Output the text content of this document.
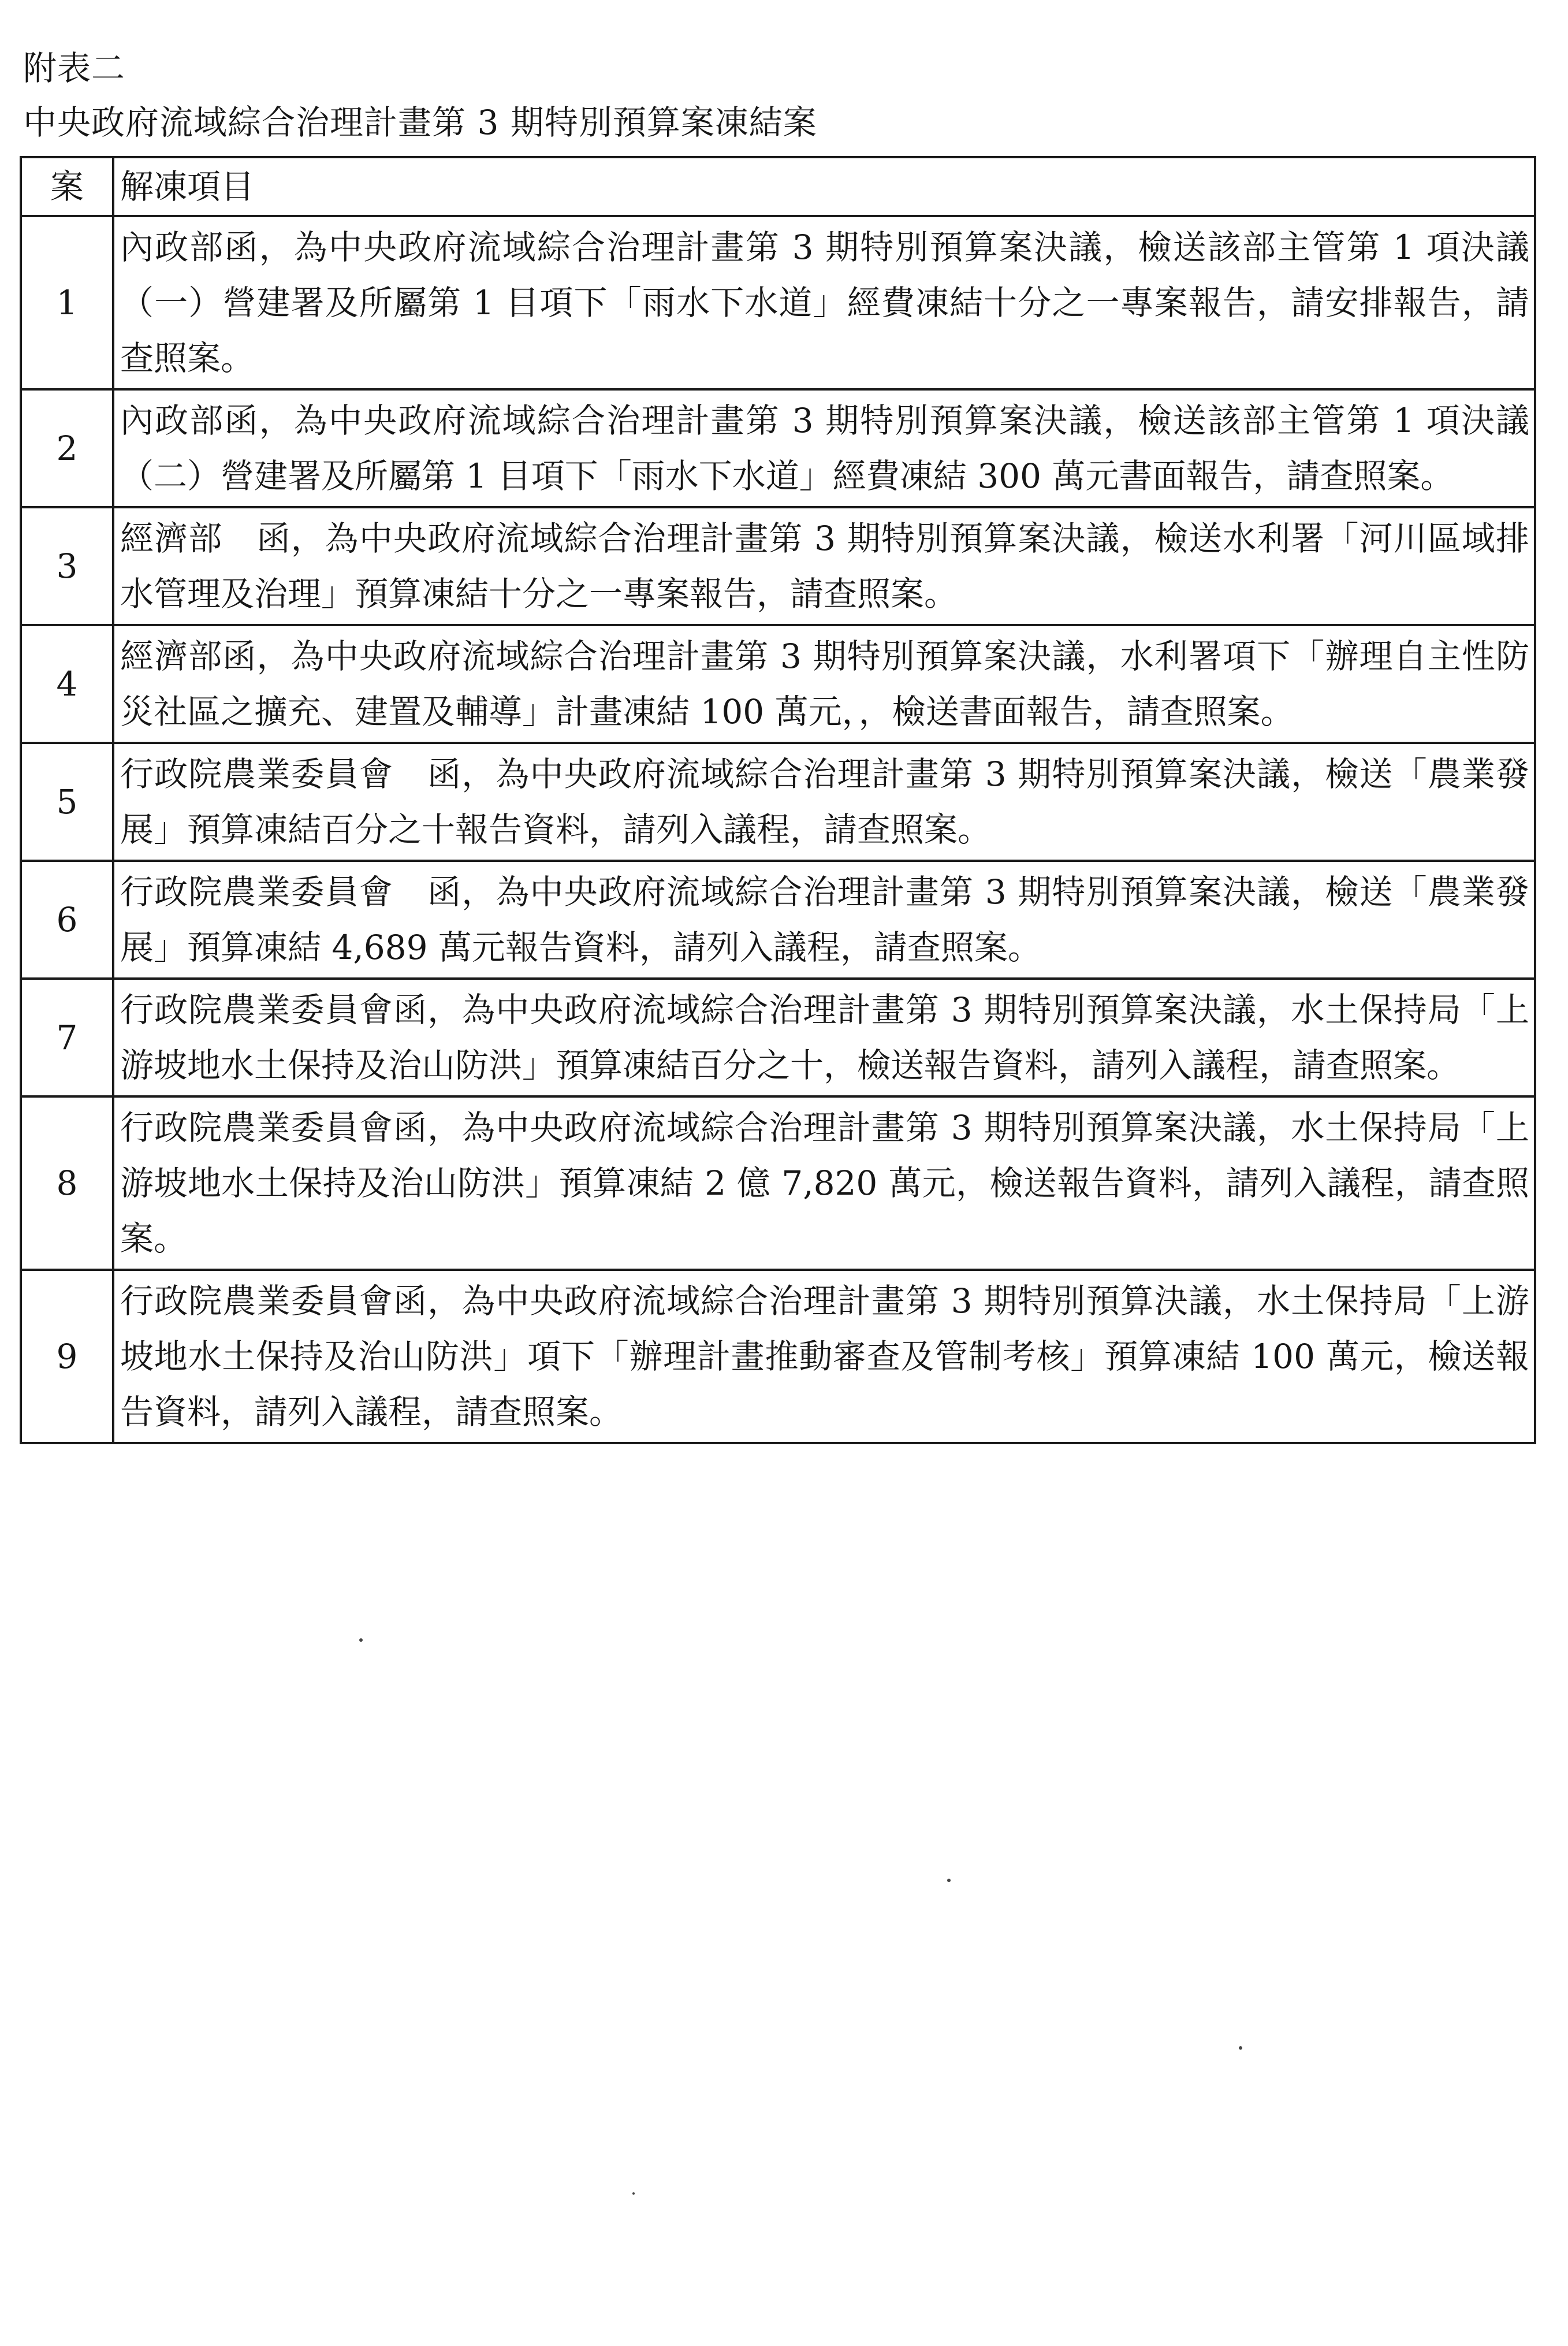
附表二
中央政府流域綜合治理計畫第 3 期特別預算案凍結案
案	解凍項目
1	內政部函，為中央政府流域綜合治理計畫第 3 期特別預算案決議，檢送該部主管第 1 項決議（一）營建署及所屬第 1 目項下「雨水下水道」經費凍結十分之一專案報告，請安排報告，請查照案。
2	內政部函，為中央政府流域綜合治理計畫第 3 期特別預算案決議，檢送該部主管第 1 項決議（二）營建署及所屬第 1 目項下「雨水下水道」經費凍結 300 萬元書面報告，請查照案。
3	經濟部　函，為中央政府流域綜合治理計畫第 3 期特別預算案決議，檢送水利署「河川區域排水管理及治理」預算凍結十分之一專案報告，請查照案。
4	經濟部函，為中央政府流域綜合治理計畫第 3 期特別預算案決議，水利署項下「辦理自主性防災社區之擴充、建置及輔導」計畫凍結 100 萬元，，檢送書面報告，請查照案。
5	行政院農業委員會　函，為中央政府流域綜合治理計畫第 3 期特別預算案決議，檢送「農業發展」預算凍結百分之十報告資料，請列入議程，請查照案。
6	行政院農業委員會　函，為中央政府流域綜合治理計畫第 3 期特別預算案決議，檢送「農業發展」預算凍結 4,689 萬元報告資料，請列入議程，請查照案。
7	行政院農業委員會函，為中央政府流域綜合治理計畫第 3 期特別預算案決議，水土保持局「上游坡地水土保持及治山防洪」預算凍結百分之十，檢送報告資料，請列入議程，請查照案。
8	行政院農業委員會函，為中央政府流域綜合治理計畫第 3 期特別預算案決議，水土保持局「上游坡地水土保持及治山防洪」預算凍結 2 億 7,820 萬元，檢送報告資料，請列入議程，請查照案。
9	行政院農業委員會函，為中央政府流域綜合治理計畫第 3 期特別預算決議，水土保持局「上游坡地水土保持及治山防洪」項下「辦理計畫推動審查及管制考核」預算凍結 100 萬元，檢送報告資料，請列入議程，請查照案。
